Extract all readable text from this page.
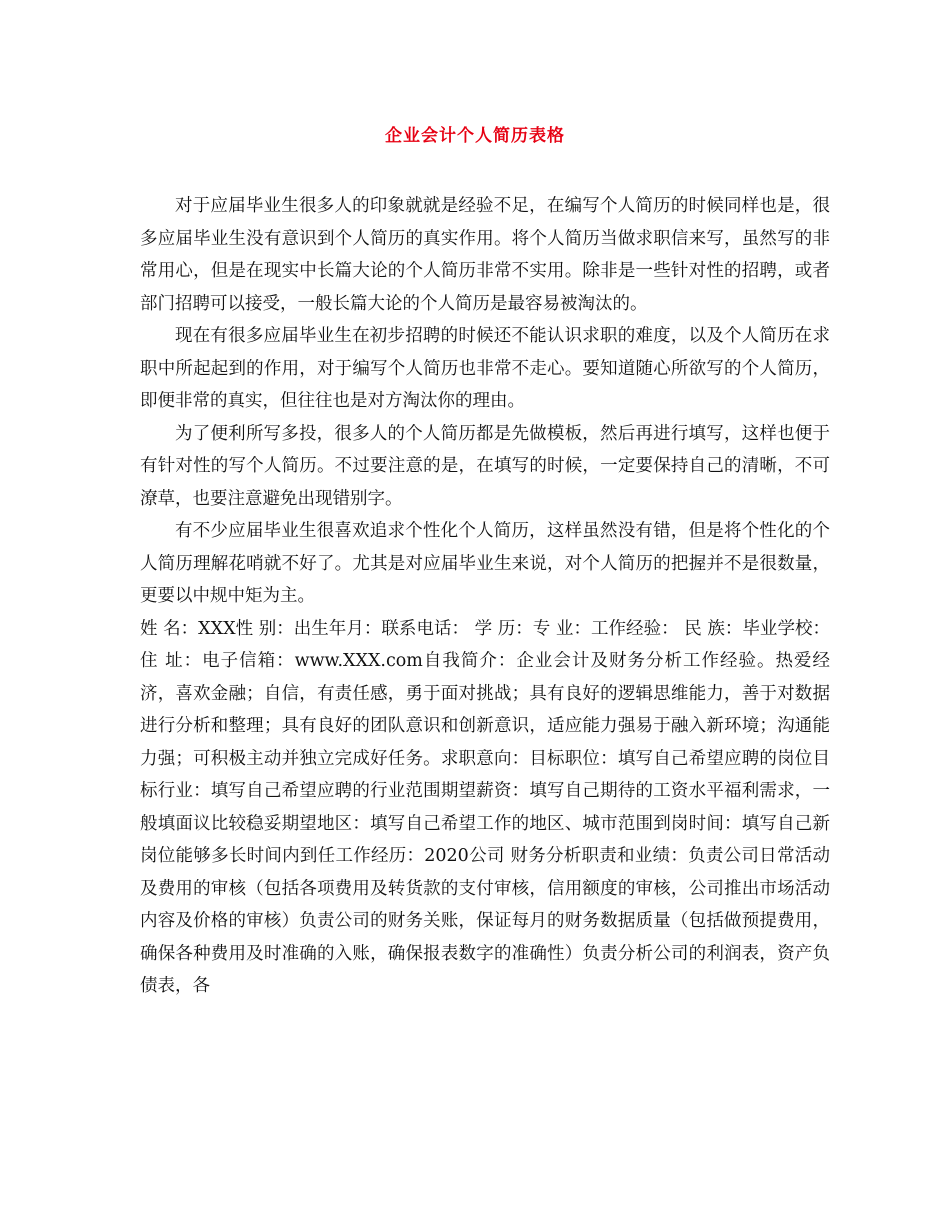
企业会计个人简历表格

对于应届毕业生很多人的印象就就是经验不足，在编写个人简历的时候同样也是，很多应届毕业生没有意识到个人简历的真实作用。将个人简历当做求职信来写，虽然写的非常用心，但是在现实中长篇大论的个人简历非常不实用。除非是一些针对性的招聘，或者部门招聘可以接受，一般长篇大论的个人简历是最容易被淘汰的。

现在有很多应届毕业生在初步招聘的时候还不能认识求职的难度，以及个人简历在求职中所起起到的作用，对于编写个人简历也非常不走心。要知道随心所欲写的个人简历，即便非常的真实，但往往也是对方淘汰你的理由。

为了便利所写多投，很多人的个人简历都是先做模板，然后再进行填写，这样也便于有针对性的写个人简历。不过要注意的是，在填写的时候，一定要保持自己的清晰，不可潦草，也要注意避免出现错别字。

有不少应届毕业生很喜欢追求个性化个人简历，这样虽然没有错，但是将个性化的个人简历理解花哨就不好了。尤其是对应届毕业生来说，对个人简历的把握并不是很数量，更要以中规中矩为主。

姓 名：XXX性 别：出生年月：联系电话： 学 历：专 业：工作经验： 民 族：毕业学校：住 址：电子信箱：www.XXX.com自我简介：企业会计及财务分析工作经验。热爱经济，喜欢金融；自信，有责任感，勇于面对挑战；具有良好的逻辑思维能力，善于对数据进行分析和整理；具有良好的团队意识和创新意识，适应能力强易于融入新环境；沟通能力强；可积极主动并独立完成好任务。求职意向：目标职位：填写自己希望应聘的岗位目标行业：填写自己希望应聘的行业范围期望薪资：填写自己期待的工资水平福利需求，一般填面议比较稳妥期望地区：填写自己希望工作的地区、城市范围到岗时间：填写自己新岗位能够多长时间内到任工作经历：2020公司 财务分析职责和业绩：负责公司日常活动及费用的审核（包括各项费用及转货款的支付审核，信用额度的审核，公司推出市场活动内容及价格的审核）负责公司的财务关账，保证每月的财务数据质量（包括做预提费用，确保各种费用及时准确的入账，确保报表数字的准确性）负责分析公司的利润表，资产负债表，各
